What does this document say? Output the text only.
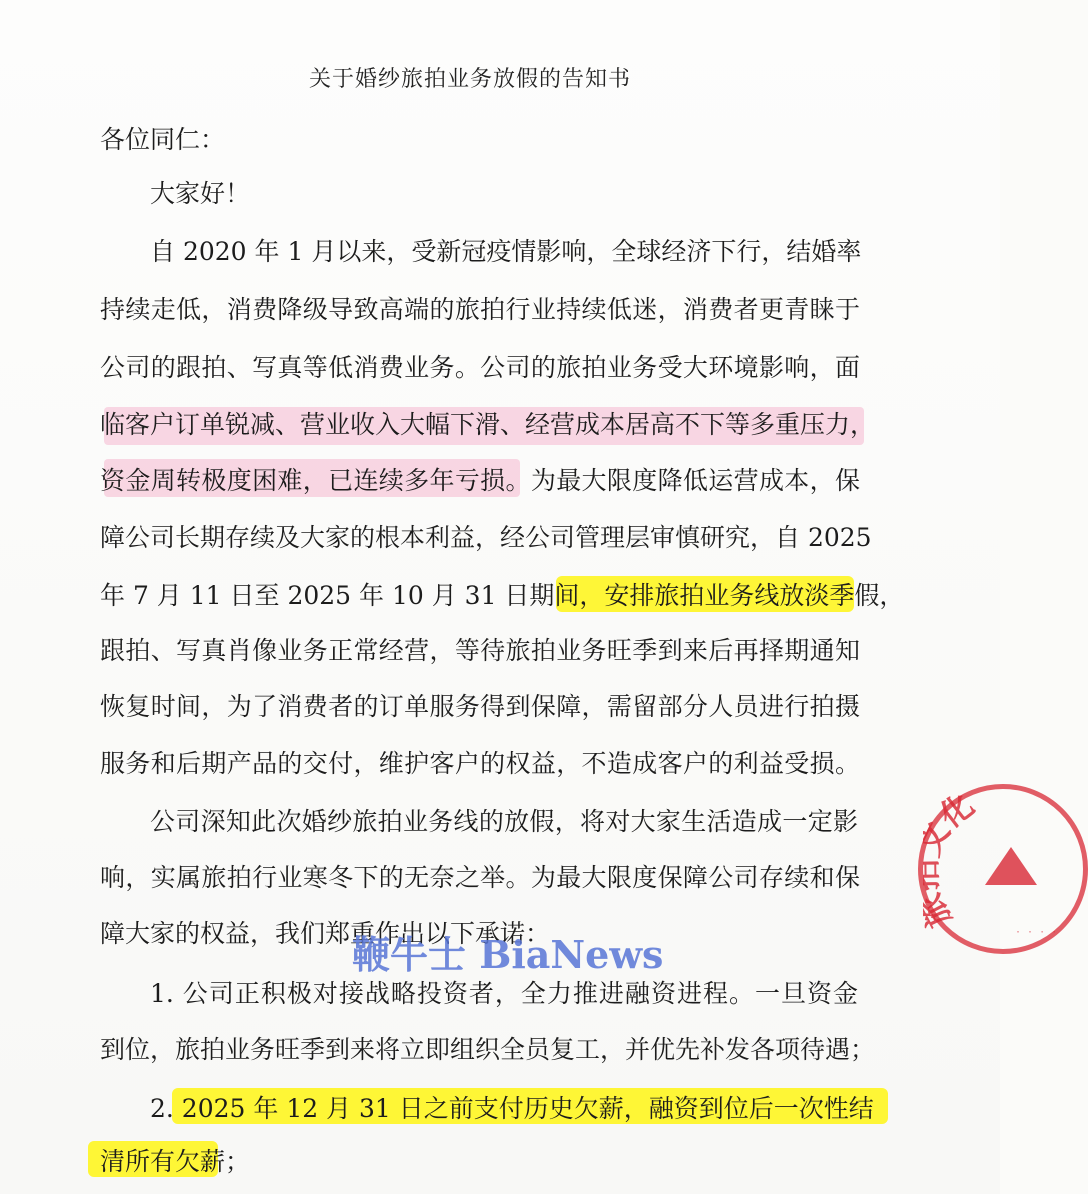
关于婚纱旅拍业务放假的告知书
各位同仁：
大家好！
自 2020 年 1 月以来，受新冠疫情影响，全球经济下行，结婚率
持续走低，消费降级导致高端的旅拍行业持续低迷，消费者更青睐于
公司的跟拍、写真等低消费业务。公司的旅拍业务受大环境影响，面
临客户订单锐减、营业收入大幅下滑、经营成本居高不下等多重压力，
资金周转极度困难，已连续多年亏损。为最大限度降低运营成本，保
障公司长期存续及大家的根本利益，经公司管理层审慎研究，自 2025
年 7 月 11 日至 2025 年 10 月 31 日期间，安排旅拍业务线放淡季假，
跟拍、写真肖像业务正常经营，等待旅拍业务旺季到来后再择期通知
恢复时间，为了消费者的订单服务得到保障，需留部分人员进行拍摄
服务和后期产品的交付，维护客户的权益，不造成客户的利益受损。
公司深知此次婚纱旅拍业务线的放假，将对大家生活造成一定影
响，实属旅拍行业寒冬下的无奈之举。为最大限度保障公司存续和保
障大家的权益，我们郑重作出以下承诺：
1. 公司正积极对接战略投资者，全力推进融资进程。一旦资金
到位，旅拍业务旺季到来将立即组织全员复工，并优先补发各项待遇；
2. 2025 年 12 月 31 日之前支付历史欠薪，融资到位后一次性结
清所有欠薪；
化
· · · ·
鞭牛士 BiaNews
